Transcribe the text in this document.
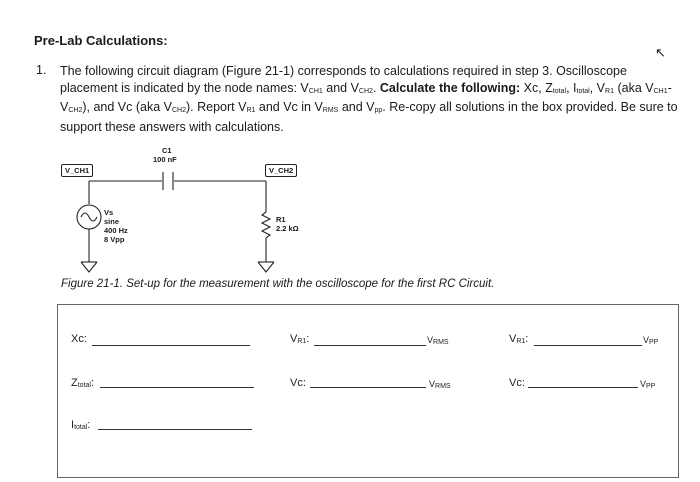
Pre-Lab Calculations:
↖
1. The following circuit diagram (Figure 21-1) corresponds to calculations required in step 3. Oscilloscope placement is indicated by the node names: $V_{CH1}$ and $V_{CH2}$. Calculate the following: Xc, $Z_{total}$, $I_{total}$, $V_{R1}$ (aka $V_{CH1}-V_{CH2}$), and Vc (aka $V_{CH2}$). Report $V_{R1}$ and Vc in $V_{RMS}$ and $V_{pp}$. Re-copy all solutions in the box provided. Be sure to support these answers with calculations.
V_CH1	V_CH2
C1
100 nF
Vs
sine
400 Hz
8 Vpp
R1
2.2 kΩ
Figure 21-1. Set-up for the measurement with the oscilloscope for the first RC Circuit.
Xc:	$V_{R1}$:	$V_{RMS}$	$V_{R1}$:	$V_{PP}$
$Z_{total}$:	Vc:	$V_{RMS}$	Vc:	$V_{PP}$
$I_{total}$:
